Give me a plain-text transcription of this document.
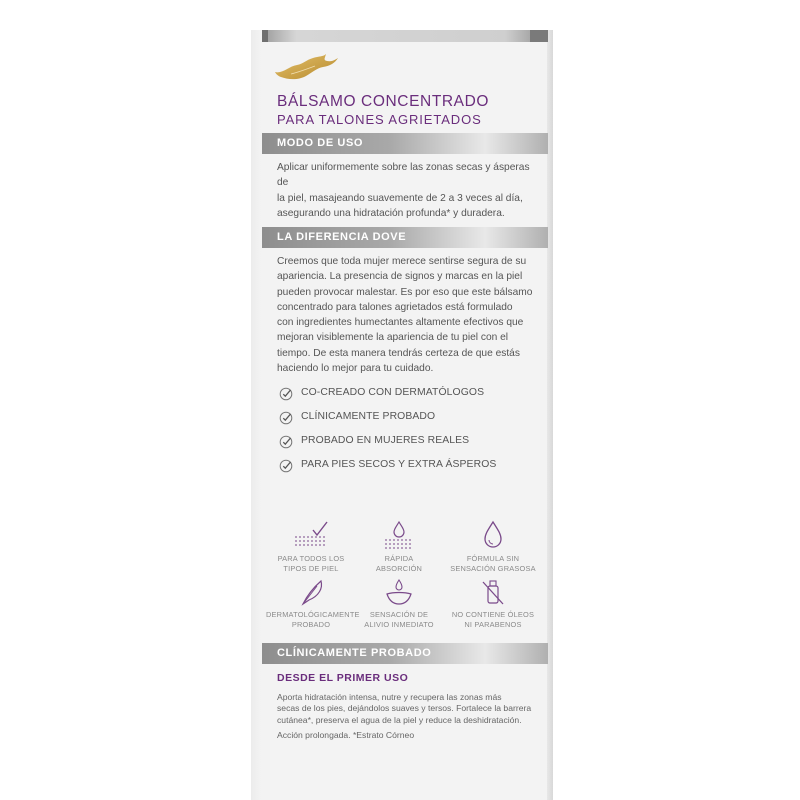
BÁLSAMO CONCENTRADO
PARA TALONES AGRIETADOS
MODO DE USO
Aplicar uniformemente sobre las zonas secas y ásperas de
la piel, masajeando suavemente de 2 a 3 veces al día,
asegurando una hidratación profunda* y duradera.
LA DIFERENCIA DOVE
Creemos que toda mujer merece sentirse segura de su
apariencia. La presencia de signos y marcas en la piel
pueden provocar malestar. Es por eso que este bálsamo
concentrado para talones agrietados está formulado
con ingredientes humectantes altamente efectivos que
mejoran visiblemente la apariencia de tu piel con el
tiempo. De esta manera tendrás certeza de que estás
haciendo lo mejor para tu cuidado.
CO-CREADO CON DERMATÓLOGOS
CLÍNICAMENTE PROBADO
PROBADO EN MUJERES REALES
PARA PIES SECOS Y EXTRA ÁSPEROS
PARA TODOS LOS
TIPOS DE PIEL
RÁPIDA
ABSORCIÓN
FÓRMULA SIN
SENSACIÓN GRASOSA
DERMATOLÓGICAMENTE
PROBADO
SENSACIÓN DE
ALIVIO INMEDIATO
NO CONTIENE ÓLEOS
NI PARABENOS
CLÍNICAMENTE PROBADO
DESDE EL PRIMER USO
Aporta hidratación intensa, nutre y recupera las zonas más
secas de los pies, dejándolos suaves y tersos. Fortalece la barrera
cutánea*, preserva el agua de la piel y reduce la deshidratación.
Acción prolongada. *Estrato Córneo
